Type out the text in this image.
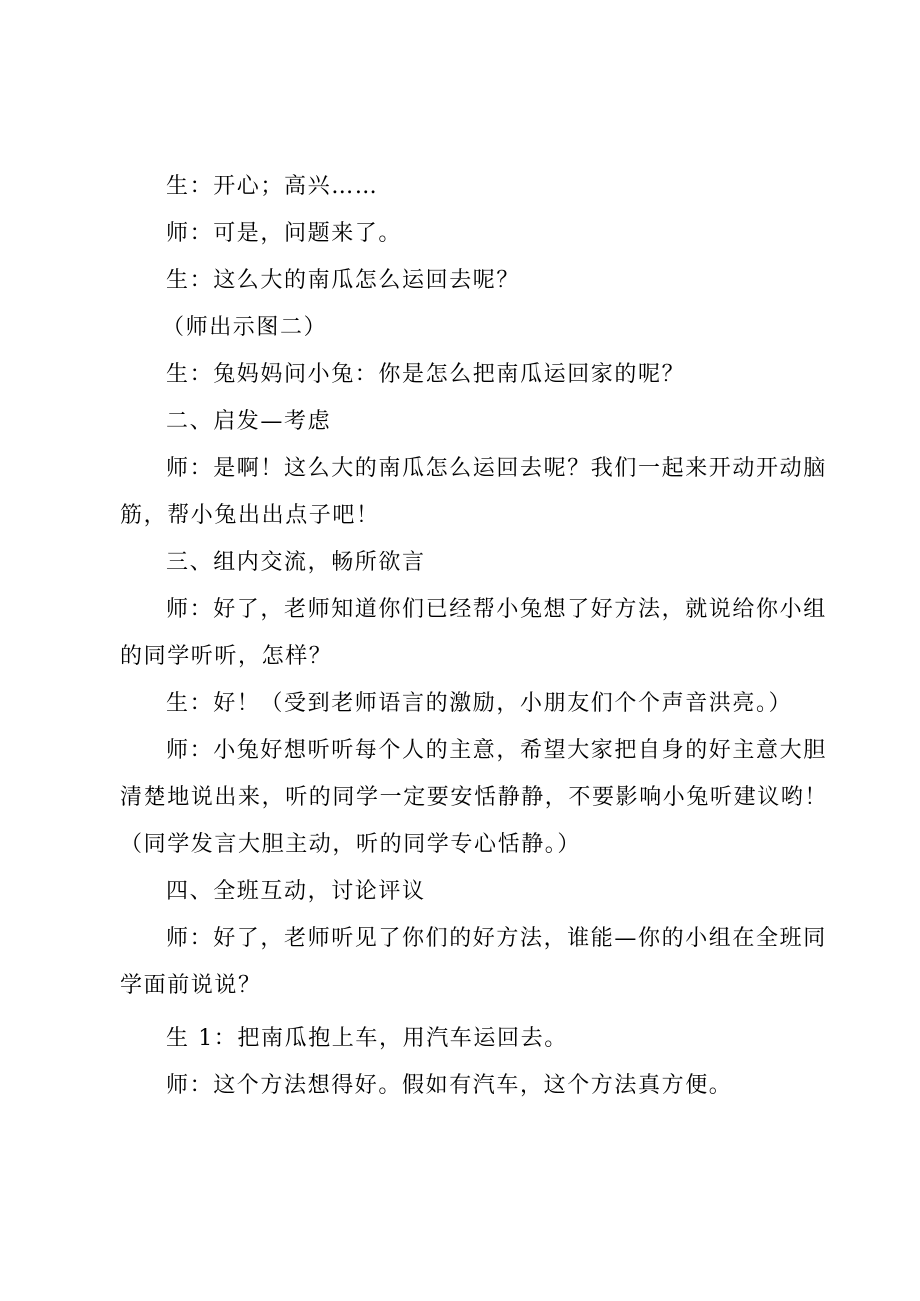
生：开心；高兴……
师：可是，问题来了。
生：这么大的南瓜怎么运回去呢？
（师出示图二）
生：兔妈妈问小兔：你是怎么把南瓜运回家的呢？
二、启发—考虑
师：是啊！这么大的南瓜怎么运回去呢？我们一起来开动开动脑
筋，帮小兔出出点子吧！
三、组内交流，畅所欲言
师：好了，老师知道你们已经帮小兔想了好方法，就说给你小组
的同学听听，怎样？
生：好！（受到老师语言的激励，小朋友们个个声音洪亮。）
师：小兔好想听听每个人的主意，希望大家把自身的好主意大胆
清楚地说出来，听的同学一定要安恬静静，不要影响小兔听建议哟！
（同学发言大胆主动，听的同学专心恬静。）
四、全班互动，讨论评议
师：好了，老师听见了你们的好方法，谁能—你的小组在全班同
学面前说说？
生 1：把南瓜抱上车，用汽车运回去。
师：这个方法想得好。假如有汽车，这个方法真方便。
